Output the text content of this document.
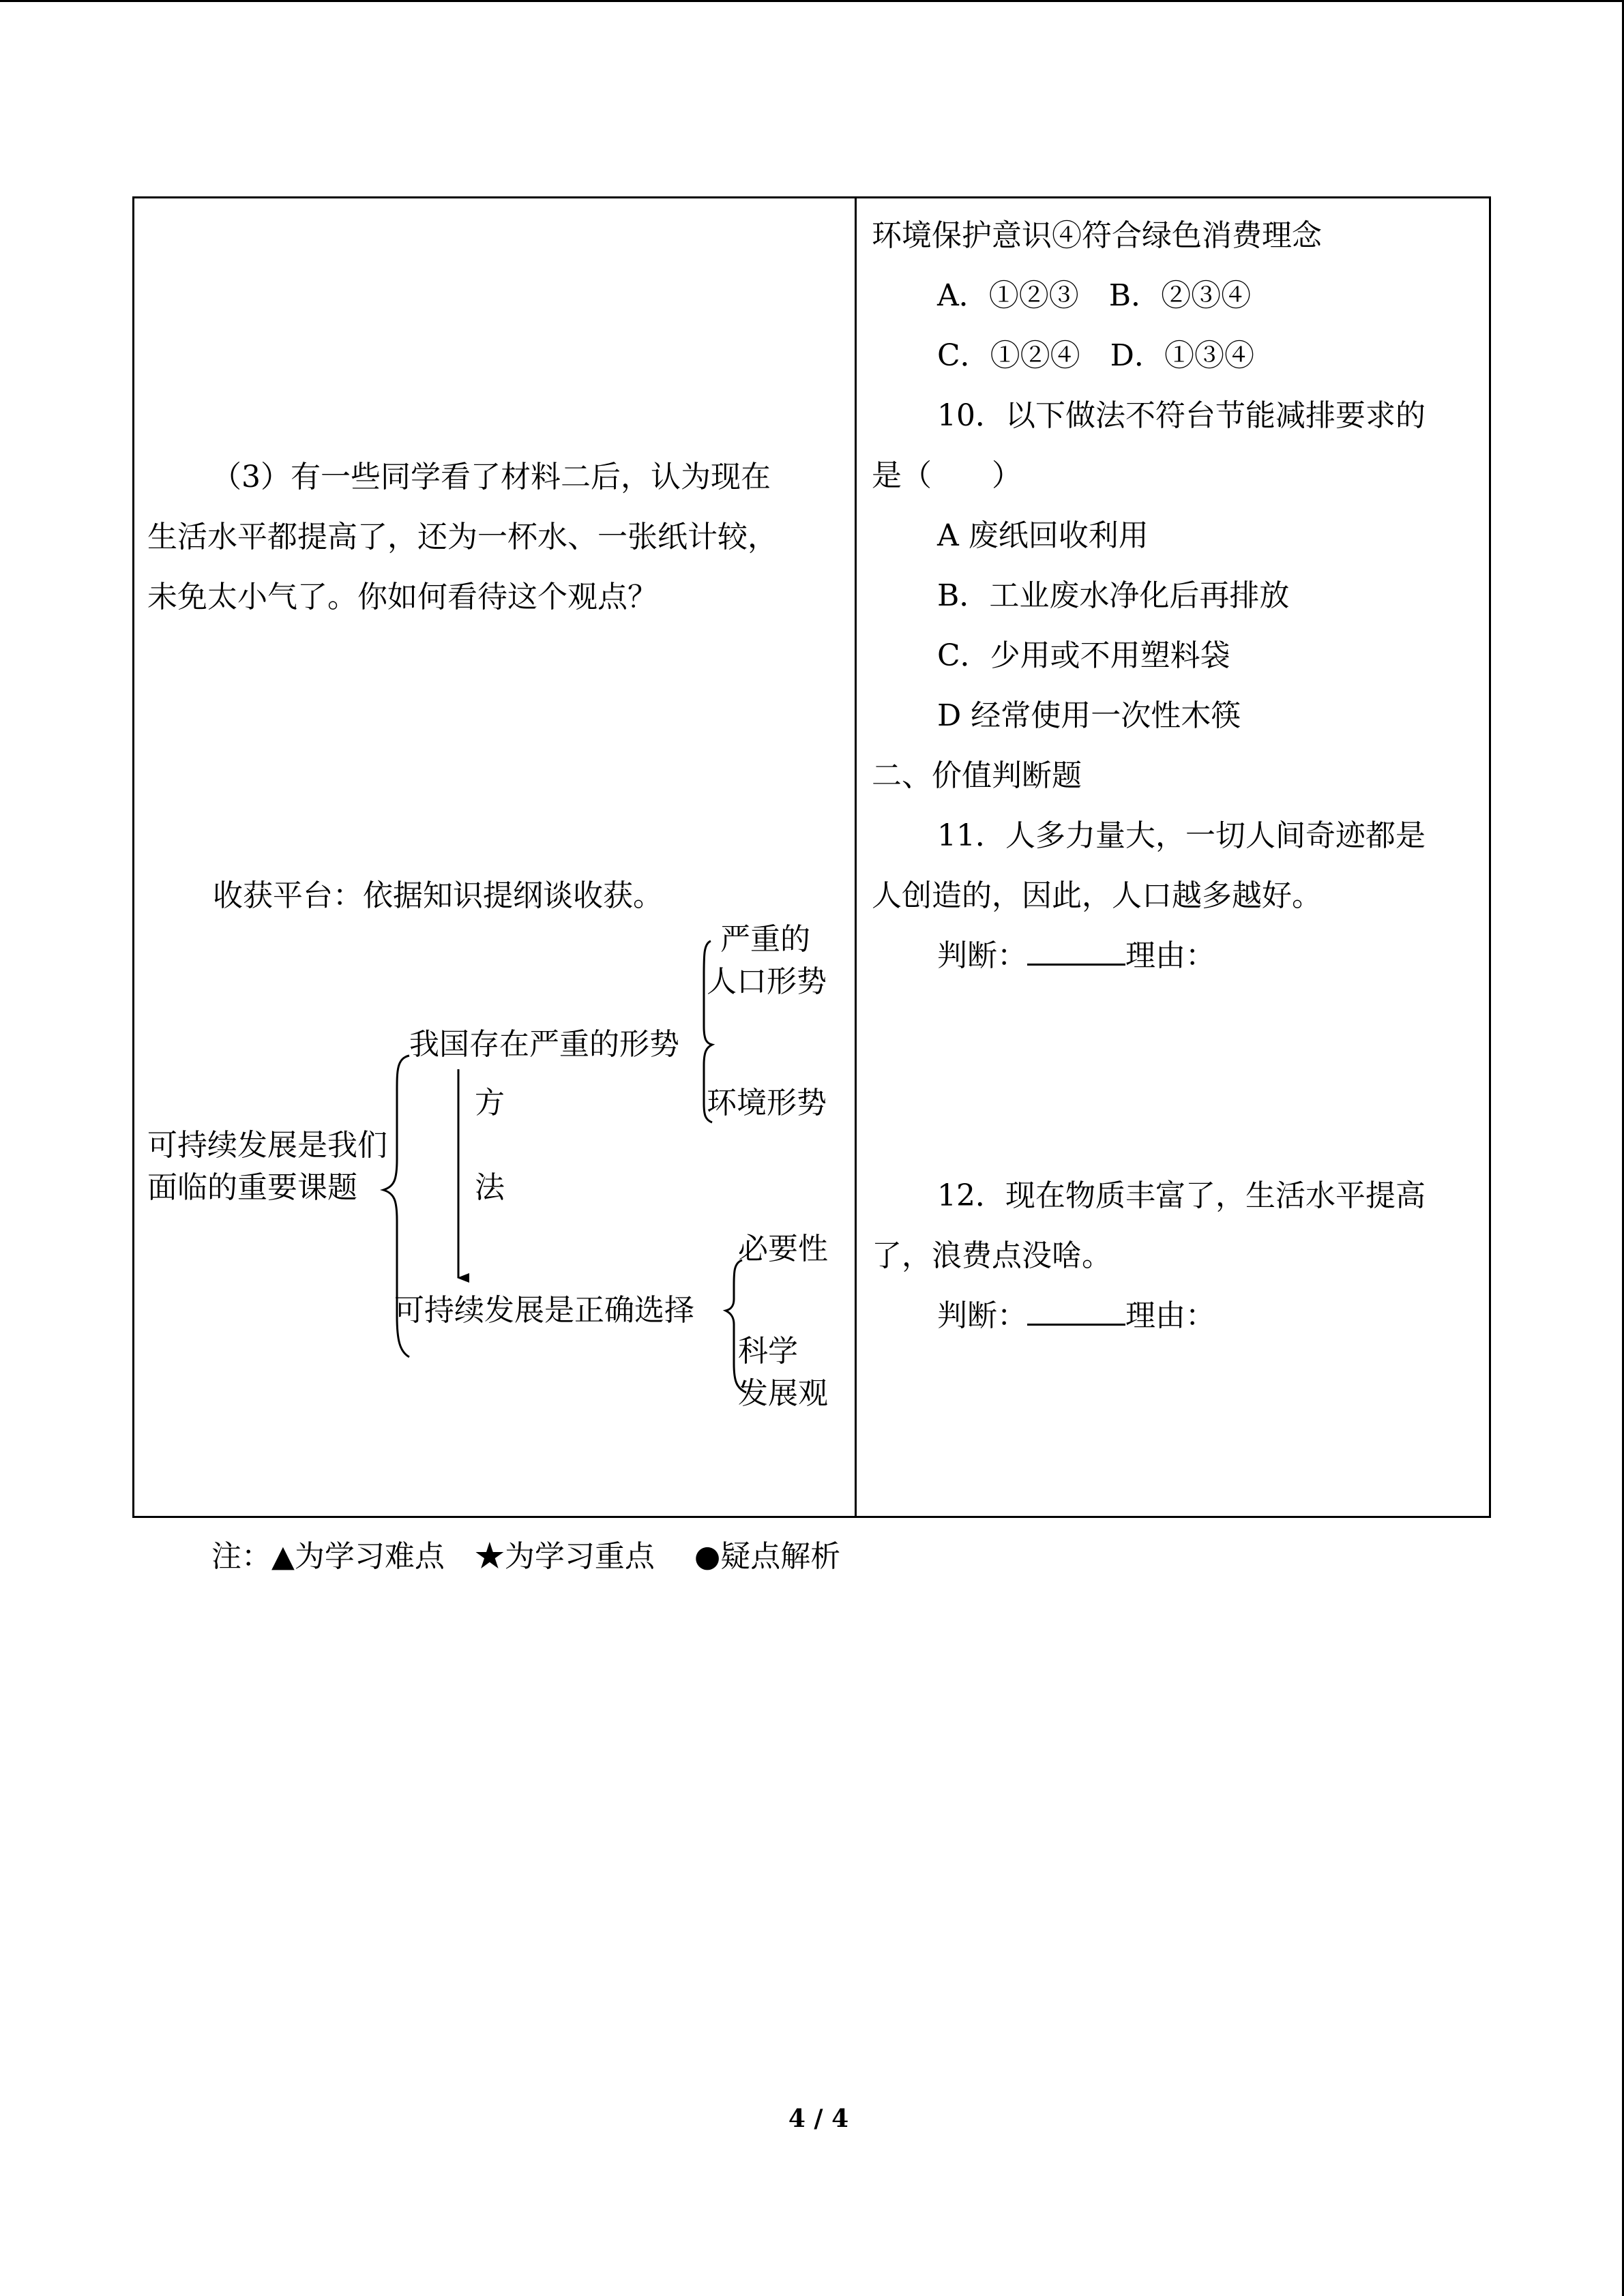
（3）有一些同学看了材料二后，认为现在
生活水平都提高了，还为一杯水、一张纸计较，
未免太小气了。你如何看待这个观点？
收获平台：依据知识提纲谈收获。
可持续发展是我们
面临的重要课题
我国存在严重的形势
严重的
人口形势
环境形势
方
法
可持续发展是正确选择
必要性
科学
发展观
环境保护意识④符合绿色消费理念
A．①②③　B．②③④
C．①②④　D．①③④
10．以下做法不符台节能减排要求的
是（　　）
A 废纸回收利用
B．工业废水净化后再排放
C．少用或不用塑料袋
D 经常使用一次性木筷
二、价值判断题
11．人多力量大，一切人间奇迹都是
人创造的，因此，人口越多越好。
判断：	理由：
12．现在物质丰富了，生活水平提高
了，浪费点没啥。
判断：	理由：
注：▲为学习难点　★为学习重点　 ●疑点解析
4 / 4
